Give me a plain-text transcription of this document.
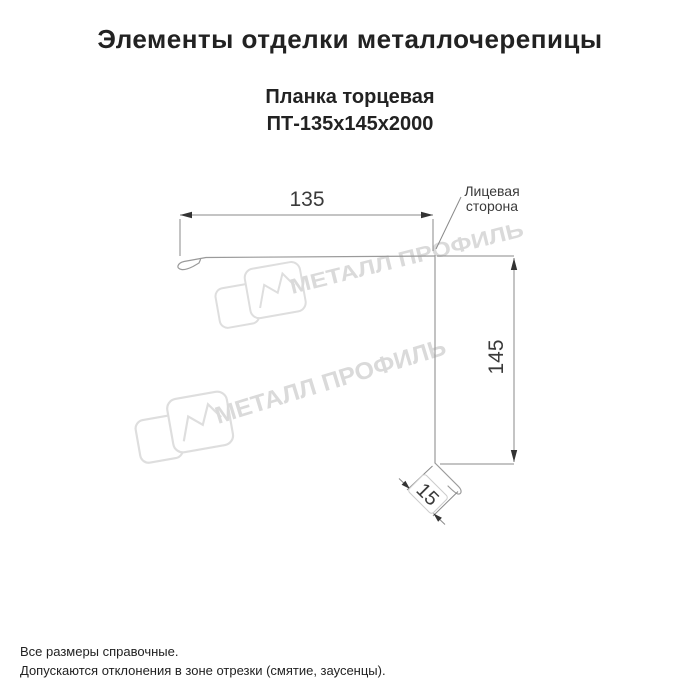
Элементы отделки металлочерепицы
Планка торцевая
ПТ-135х145х2000
Лицевая сторона
МЕТАЛЛ ПРОФИЛЬ
МЕТАЛЛ ПРОФИЛЬ
135
145
15
Все размеры справочные.
Допускаются отклонения в зоне отрезки (смятие, заусенцы).
